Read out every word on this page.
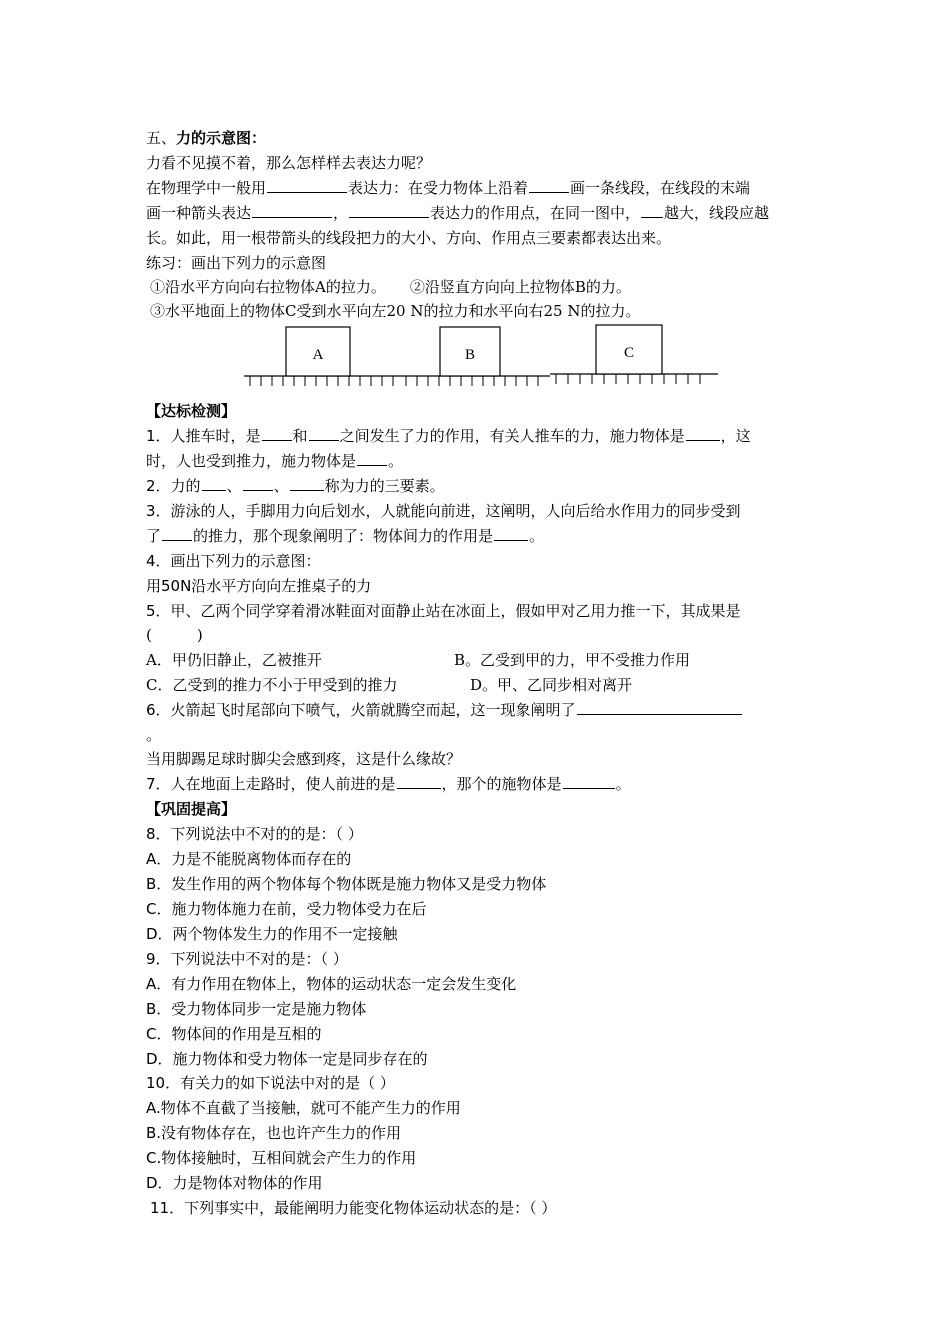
五、力的示意图：
力看不见摸不着，那么怎样样去表达力呢？
在物理学中一般用	表达力：在受力物体上沿着	画一条线段，在线段的末端
画一种箭头表达	，	表达力的作用点，在同一图中， 越大，线段应越
长。如此，用一根带箭头的线段把力的大小、方向、作用点三要素都表达出来。
练习：画出下列力的示意图
①沿水平方向向右拉物体A的拉力。 ②沿竖直方向向上拉物体B的力。
③水平地面上的物体C受到水平向左20 N的拉力和水平向右25 N的拉力。
A	B	C
【达标检测】
1．人推车时，是 和 之间发生了力的作用，有关人推车的力，施力物体是 ，这
时，人也受到推力，施力物体是 。
2．力的 、 、 称为力的三要素。
3．游泳的人，手脚用力向后划水，人就能向前进，这阐明，人向后给水作用力的同步受到
了 的推力，那个现象阐明了：物体间力的作用是 。
4．画出下列力的示意图：
用50N沿水平方向向左推桌子的力
5．甲、乙两个同学穿着滑冰鞋面对面静止站在冰面上，假如甲对乙用力推一下，其成果是
(　　　)
A．甲仍旧静止，乙被推开	B。乙受到甲的力，甲不受推力作用
C．乙受到的推力不小于甲受到的推力	D。甲、乙同步相对离开
6．火箭起飞时尾部向下喷气，火箭就腾空而起，这一现象阐明了
。
当用脚踢足球时脚尖会感到疼，这是什么缘故？
7．人在地面上走路时，使人前进的是	，那个的施物体是	。
【巩固提高】
8．下列说法中不对的的是：（ ）
A．力是不能脱离物体而存在的
B．发生作用的两个物体每个物体既是施力物体又是受力物体
C．施力物体施力在前，受力物体受力在后
D．两个物体发生力的作用不一定接触
9．下列说法中不对的是：（ ）
A．有力作用在物体上，物体的运动状态一定会发生变化
B．受力物体同步一定是施力物体
C．物体间的作用是互相的
D．施力物体和受力物体一定是同步存在的
10．有关力的如下说法中对的是（ ）
A.物体不直截了当接触，就可不能产生力的作用
B.没有物体存在，也也许产生力的作用
C.物体接触时，互相间就会产生力的作用
D．力是物体对物体的作用
11．下列事实中，最能阐明力能变化物体运动状态的是：（ ）
